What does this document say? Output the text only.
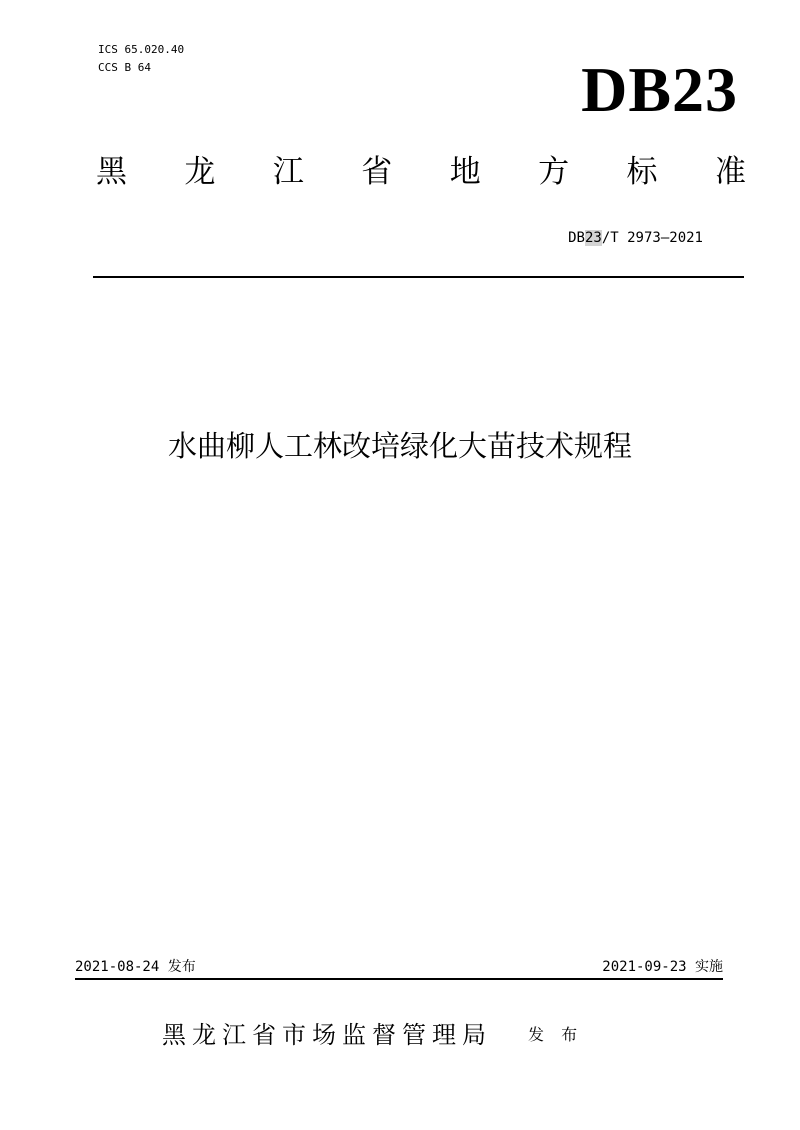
ICS 65.020.40
CCS B 64	DB23
黑 龙 江 省 地 方 标 准
DB23/T 2973—2021
水曲柳人工林改培绿化大苗技术规程
2021-08-24 发布	2021-09-23 实施
黑龙江省市场监督管理局 发 布
